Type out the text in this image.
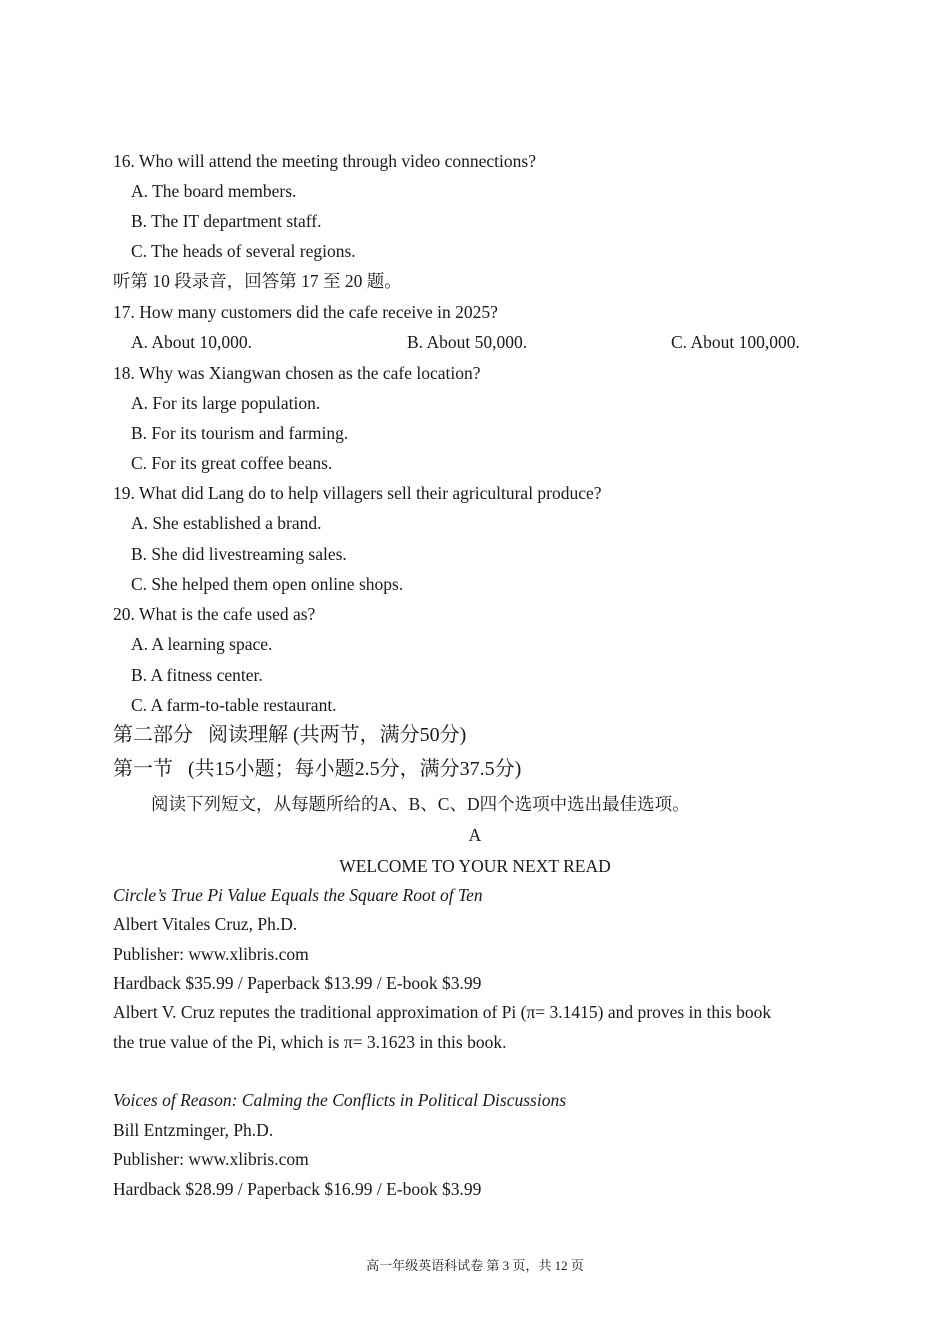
16. Who will attend the meeting through video connections?
A. The board members.
B. The IT department staff.
C. The heads of several regions.
听第 10 段录音，回答第 17 至 20 题。
17. How many customers did the cafe receive in 2025?
A. About 10,000.	B. About 50,000.	C. About 100,000.
18. Why was Xiangwan chosen as the cafe location?
A. For its large population.
B. For its tourism and farming.
C. For its great coffee beans.
19. What did Lang do to help villagers sell their agricultural produce?
A. She established a brand.
B. She did livestreaming sales.
C. She helped them open online shops.
20. What is the cafe used as?
A. A learning space.
B. A fitness center.
C. A farm-to-table restaurant.
第二部分   阅读理解 (共两节，满分50分)
第一节   (共15小题；每小题2.5分，满分37.5分)
阅读下列短文，从每题所给的A、B、C、D四个选项中选出最佳选项。
A
WELCOME TO YOUR NEXT READ
Circle’s True Pi Value Equals the Square Root of Ten
Albert Vitales Cruz, Ph.D.
Publisher: www.xlibris.com
Hardback $35.99 / Paperback $13.99 / E-book $3.99
Albert V. Cruz reputes the traditional approximation of Pi (π= 3.1415) and proves in this book
the true value of the Pi, which is π= 3.1623 in this book.
Voices of Reason: Calming the Conflicts in Political Discussions
Bill Entzminger, Ph.D.
Publisher: www.xlibris.com
Hardback $28.99 / Paperback $16.99 / E-book $3.99
高一年级英语科试卷 第 3 页，共 12 页
